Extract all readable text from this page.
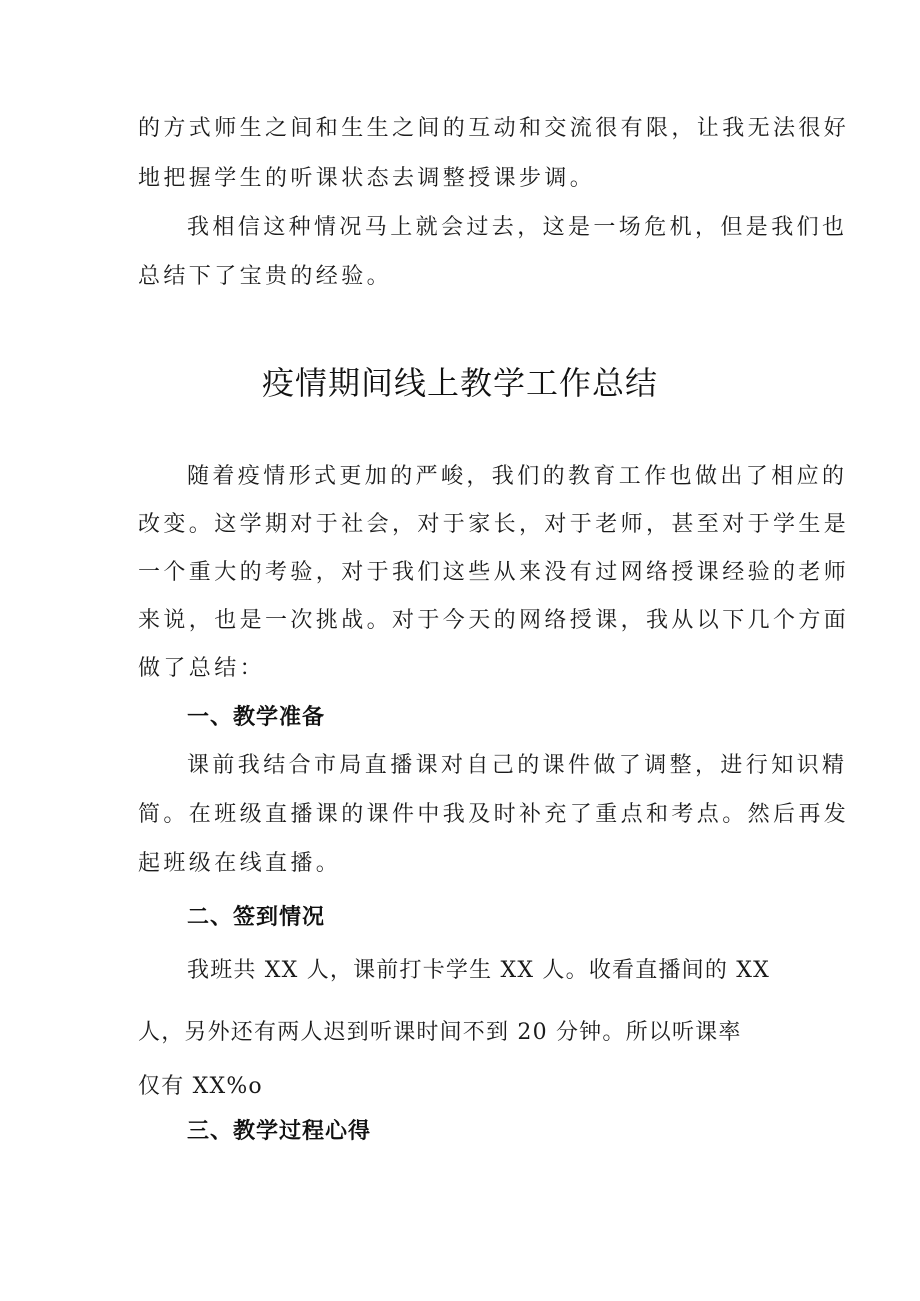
的方式师生之间和生生之间的互动和交流很有限，让我无法很好
地把握学生的听课状态去调整授课步调。
我相信这种情况马上就会过去，这是一场危机，但是我们也
总结下了宝贵的经验。
疫情期间线上教学工作总结
随着疫情形式更加的严峻，我们的教育工作也做出了相应的
改变。这学期对于社会，对于家长，对于老师，甚至对于学生是
一个重大的考验，对于我们这些从来没有过网络授课经验的老师
来说，也是一次挑战。对于今天的网络授课，我从以下几个方面
做了总结：
一、教学准备
课前我结合市局直播课对自己的课件做了调整，进行知识精
简。在班级直播课的课件中我及时补充了重点和考点。然后再发
起班级在线直播。
二、签到情况
我班共 XX 人，课前打卡学生 XX 人。收看直播间的 XX
人，另外还有两人迟到听课时间不到 20 分钟。所以听课率
仅有 XX%o
三、教学过程心得
